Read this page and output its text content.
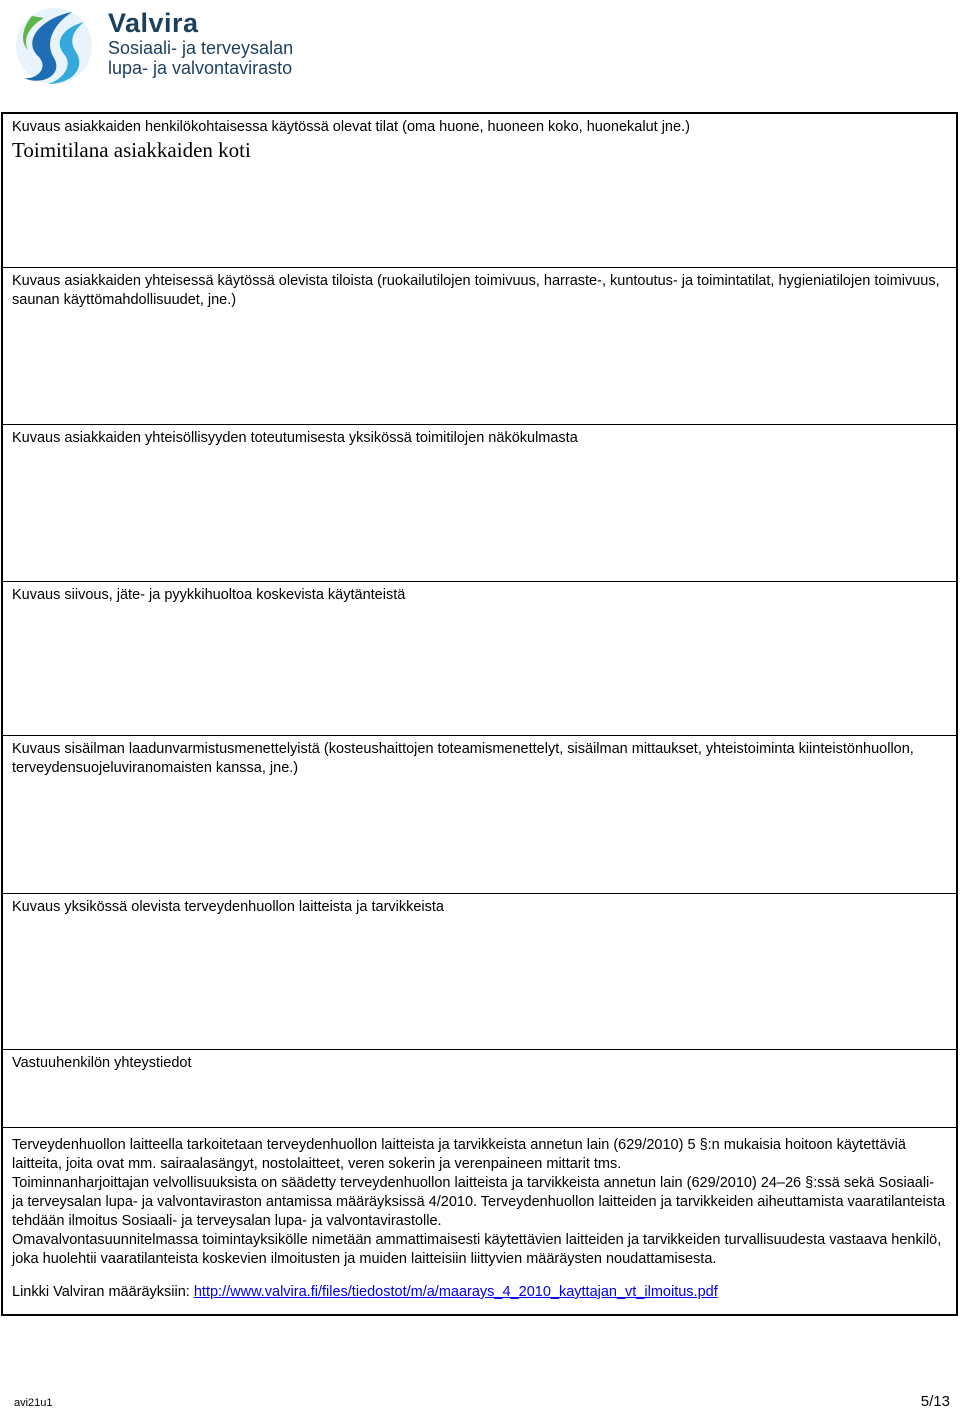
Valvira
Sosiaali- ja terveysalan
lupa- ja valvontavirasto

Kuvaus asiakkaiden henkilökohtaisessa käytössä olevat tilat (oma huone, huoneen koko, huonekalut jne.)

Toimitilana asiakkaiden koti

Kuvaus asiakkaiden yhteisessä käytössä olevista tiloista (ruokailutilojen toimivuus, harraste-, kuntoutus- ja toimintatilat, hygieniatilojen toimivuus, saunan käyttömahdollisuudet, jne.)

Kuvaus asiakkaiden yhteisöllisyyden toteutumisesta yksikössä toimitilojen näkökulmasta

Kuvaus siivous, jäte- ja pyykkihuoltoa koskevista käytänteistä

Kuvaus sisäilman laadunvarmistusmenettelyistä (kosteushaittojen toteamismenettelyt, sisäilman mittaukset, yhteistoiminta kiinteistönhuollon, terveydensuojeluviranomaisten kanssa, jne.)

Kuvaus yksikössä olevista terveydenhuollon laitteista ja tarvikkeista

Vastuuhenkilön yhteystiedot

Terveydenhuollon laitteella tarkoitetaan terveydenhuollon laitteista ja tarvikkeista annetun lain (629/2010) 5 §:n mukaisia hoitoon käytettäviä laitteita, joita ovat mm. sairaalasängyt, nostolaitteet, veren sokerin ja verenpaineen mittarit tms.

Toiminnanharjoittajan velvollisuuksista on säädetty terveydenhuollon laitteista ja tarvikkeista annetun lain (629/2010) 24–26 §:ssä sekä Sosiaali- ja terveysalan lupa- ja valvontaviraston antamissa määräyksissä 4/2010. Terveydenhuollon laitteiden ja tarvikkeiden aiheuttamista vaaratilanteista tehdään ilmoitus Sosiaali- ja terveysalan lupa- ja valvontavirastolle.

Omavalvontasuunnitelmassa toimintayksikölle nimetään ammattimaisesti käytettävien laitteiden ja tarvikkeiden turvallisuudesta vastaava henkilö, joka huolehtii vaaratilanteista koskevien ilmoitusten ja muiden laitteisiin liittyvien määräysten noudattamisesta.

Linkki Valviran määräyksiin: http://www.valvira.fi/files/tiedostot/m/a/maarays_4_2010_kayttajan_vt_ilmoitus.pdf
avi21u1	5/13
